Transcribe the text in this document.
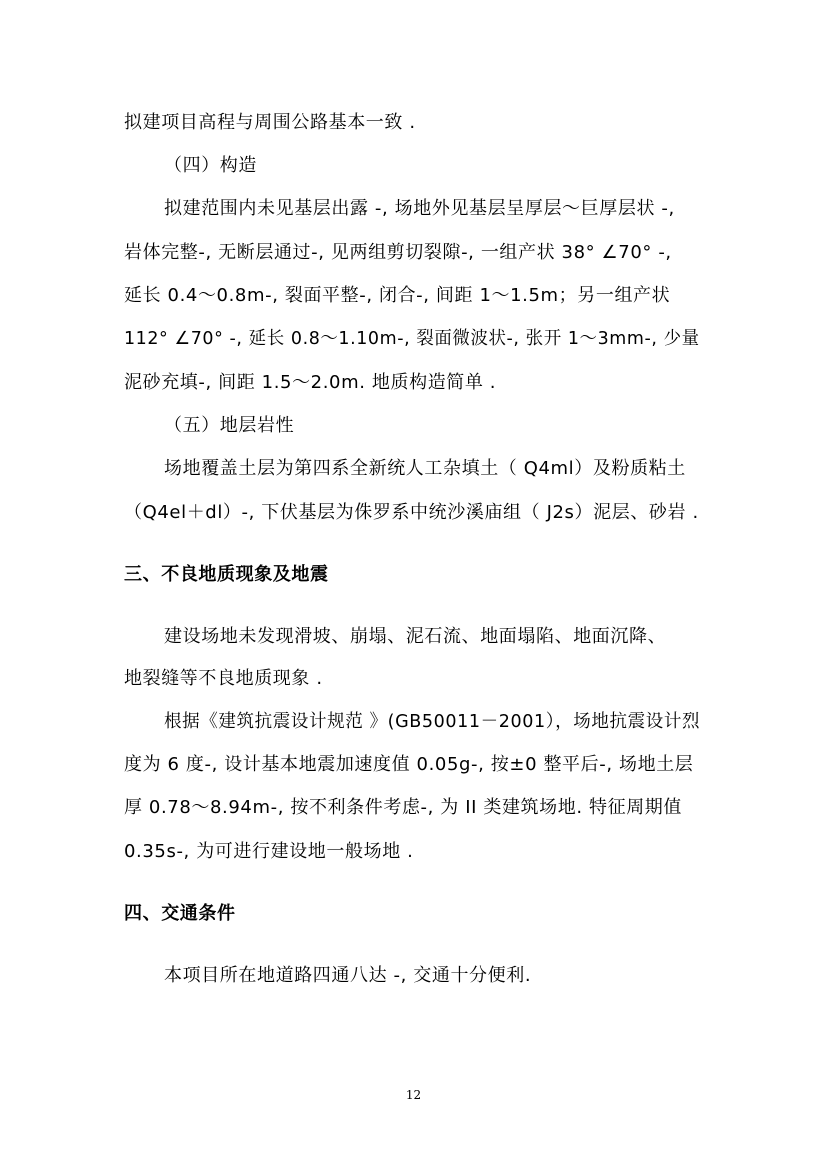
拟建项目高程与周围公路基本一致 .
（四）构造
拟建范围内未见基层出露 -, 场地外见基层呈厚层～巨厚层状 -,
岩体完整-, 无断层通过-, 见两组剪切裂隙-, 一组产状 38° ∠70° -,
延长 0.4～0.8m-, 裂面平整-, 闭合-, 间距 1～1.5m；另一组产状
112° ∠70° -, 延长 0.8～1.10m-, 裂面微波状-, 张开 1～3mm-, 少量
泥砂充填-, 间距 1.5～2.0m. 地质构造简单 .
（五）地层岩性
场地覆盖土层为第四系全新统人工杂填土（ Q4ml）及粉质粘土
（Q4el＋dl）-, 下伏基层为侏罗系中统沙溪庙组（ J2s）泥层、砂岩 .
三、不良地质现象及地震
建设场地未发现滑坡、崩塌、泥石流、地面塌陷、地面沉降、
地裂缝等不良地质现象 .
根据《建筑抗震设计规范 》(GB50011－2001），场地抗震设计烈
度为 6 度-, 设计基本地震加速度值 0.05g-, 按±0 整平后-, 场地土层
厚 0.78～8.94m-, 按不利条件考虑-, 为 II 类建筑场地. 特征周期值
0.35s-, 为可进行建设地一般场地 .
四、交通条件
本项目所在地道路四通八达 -, 交通十分便利.
12
